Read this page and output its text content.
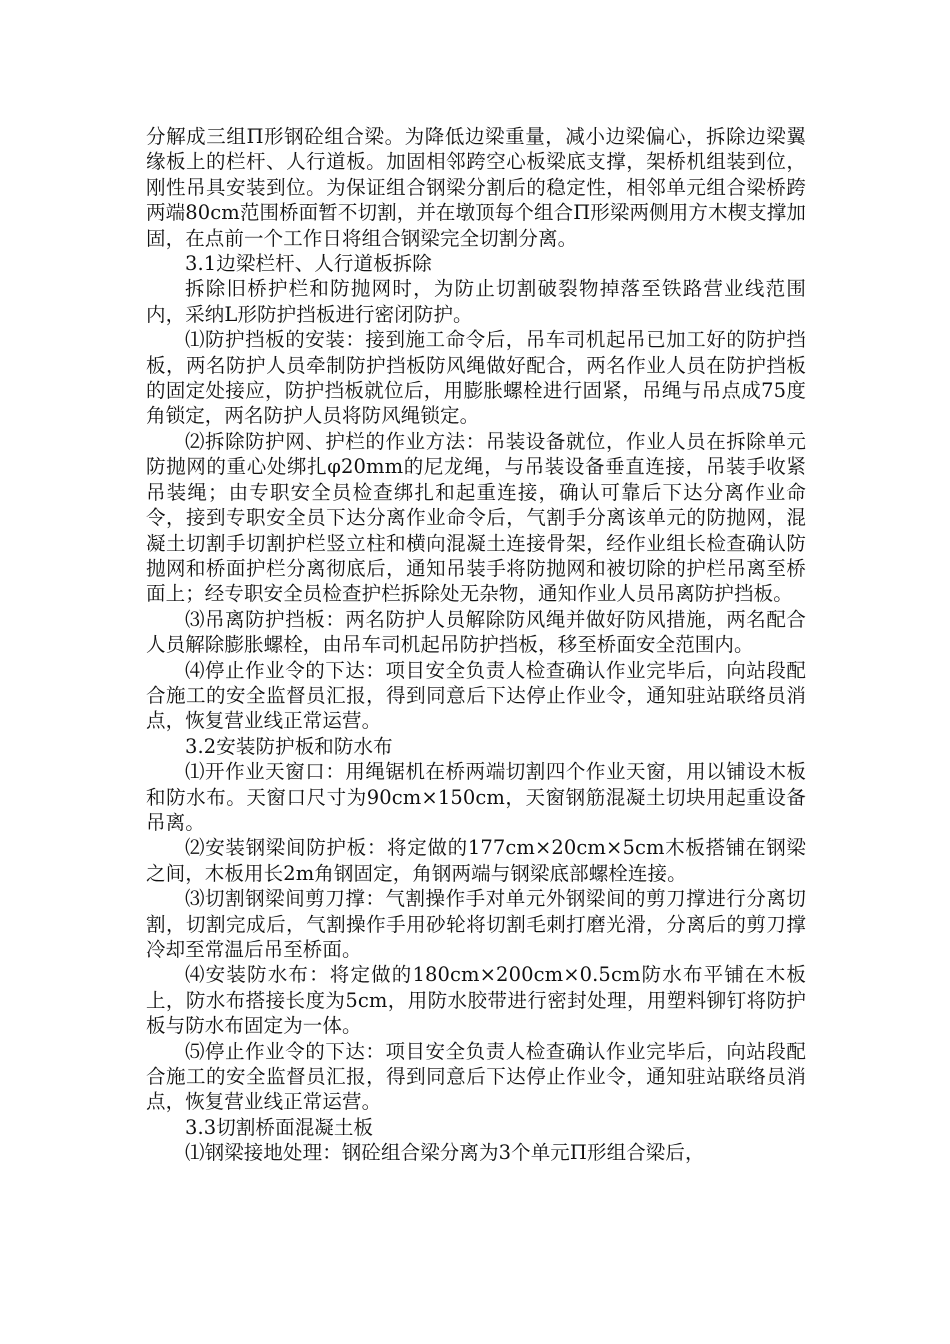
分解成三组Π形钢砼组合梁。为降低边梁重量，减小边梁偏心，拆除边梁翼缘板上的栏杆、人行道板。加固相邻跨空心板梁底支撑，架桥机组装到位，刚性吊具安装到位。为保证组合钢梁分割后的稳定性，相邻单元组合梁桥跨两端80cm范围桥面暂不切割，并在墩顶每个组合Π形梁两侧用方木楔支撑加固，在点前一个工作日将组合钢梁完全切割分离。

3.1边梁栏杆、人行道板拆除

拆除旧桥护栏和防抛网时，为防止切割破裂物掉落至铁路营业线范围内，采纳L形防护挡板进行密闭防护。

⑴防护挡板的安装：接到施工命令后，吊车司机起吊已加工好的防护挡板，两名防护人员牵制防护挡板防风绳做好配合，两名作业人员在防护挡板的固定处接应，防护挡板就位后，用膨胀螺栓进行固紧，吊绳与吊点成75度角锁定，两名防护人员将防风绳锁定。

⑵拆除防护网、护栏的作业方法：吊装设备就位，作业人员在拆除单元防抛网的重心处绑扎φ20mm的尼龙绳，与吊装设备垂直连接，吊装手收紧吊装绳；由专职安全员检查绑扎和起重连接，确认可靠后下达分离作业命令，接到专职安全员下达分离作业命令后，气割手分离该单元的防抛网，混凝土切割手切割护栏竖立柱和横向混凝土连接骨架，经作业组长检查确认防抛网和桥面护栏分离彻底后，通知吊装手将防抛网和被切除的护栏吊离至桥面上；经专职安全员检查护栏拆除处无杂物，通知作业人员吊离防护挡板。

⑶吊离防护挡板：两名防护人员解除防风绳并做好防风措施，两名配合人员解除膨胀螺栓，由吊车司机起吊防护挡板，移至桥面安全范围内。

⑷停止作业令的下达：项目安全负责人检查确认作业完毕后，向站段配合施工的安全监督员汇报，得到同意后下达停止作业令，通知驻站联络员消点，恢复营业线正常运营。

3.2安装防护板和防水布

⑴开作业天窗口：用绳锯机在桥两端切割四个作业天窗，用以铺设木板和防水布。天窗口尺寸为90cm×150cm，天窗钢筋混凝土切块用起重设备吊离。

⑵安装钢梁间防护板：将定做的177cm×20cm×5cm木板搭铺在钢梁之间，木板用长2m角钢固定，角钢两端与钢梁底部螺栓连接。

⑶切割钢梁间剪刀撑：气割操作手对单元外钢梁间的剪刀撑进行分离切割，切割完成后，气割操作手用砂轮将切割毛刺打磨光滑，分离后的剪刀撑冷却至常温后吊至桥面。

⑷安装防水布：将定做的180cm×200cm×0.5cm防水布平铺在木板上，防水布搭接长度为5cm，用防水胶带进行密封处理，用塑料铆钉将防护板与防水布固定为一体。

⑸停止作业令的下达：项目安全负责人检查确认作业完毕后，向站段配合施工的安全监督员汇报，得到同意后下达停止作业令，通知驻站联络员消点，恢复营业线正常运营。

3.3切割桥面混凝土板

⑴钢梁接地处理：钢砼组合梁分离为3个单元Π形组合梁后，
